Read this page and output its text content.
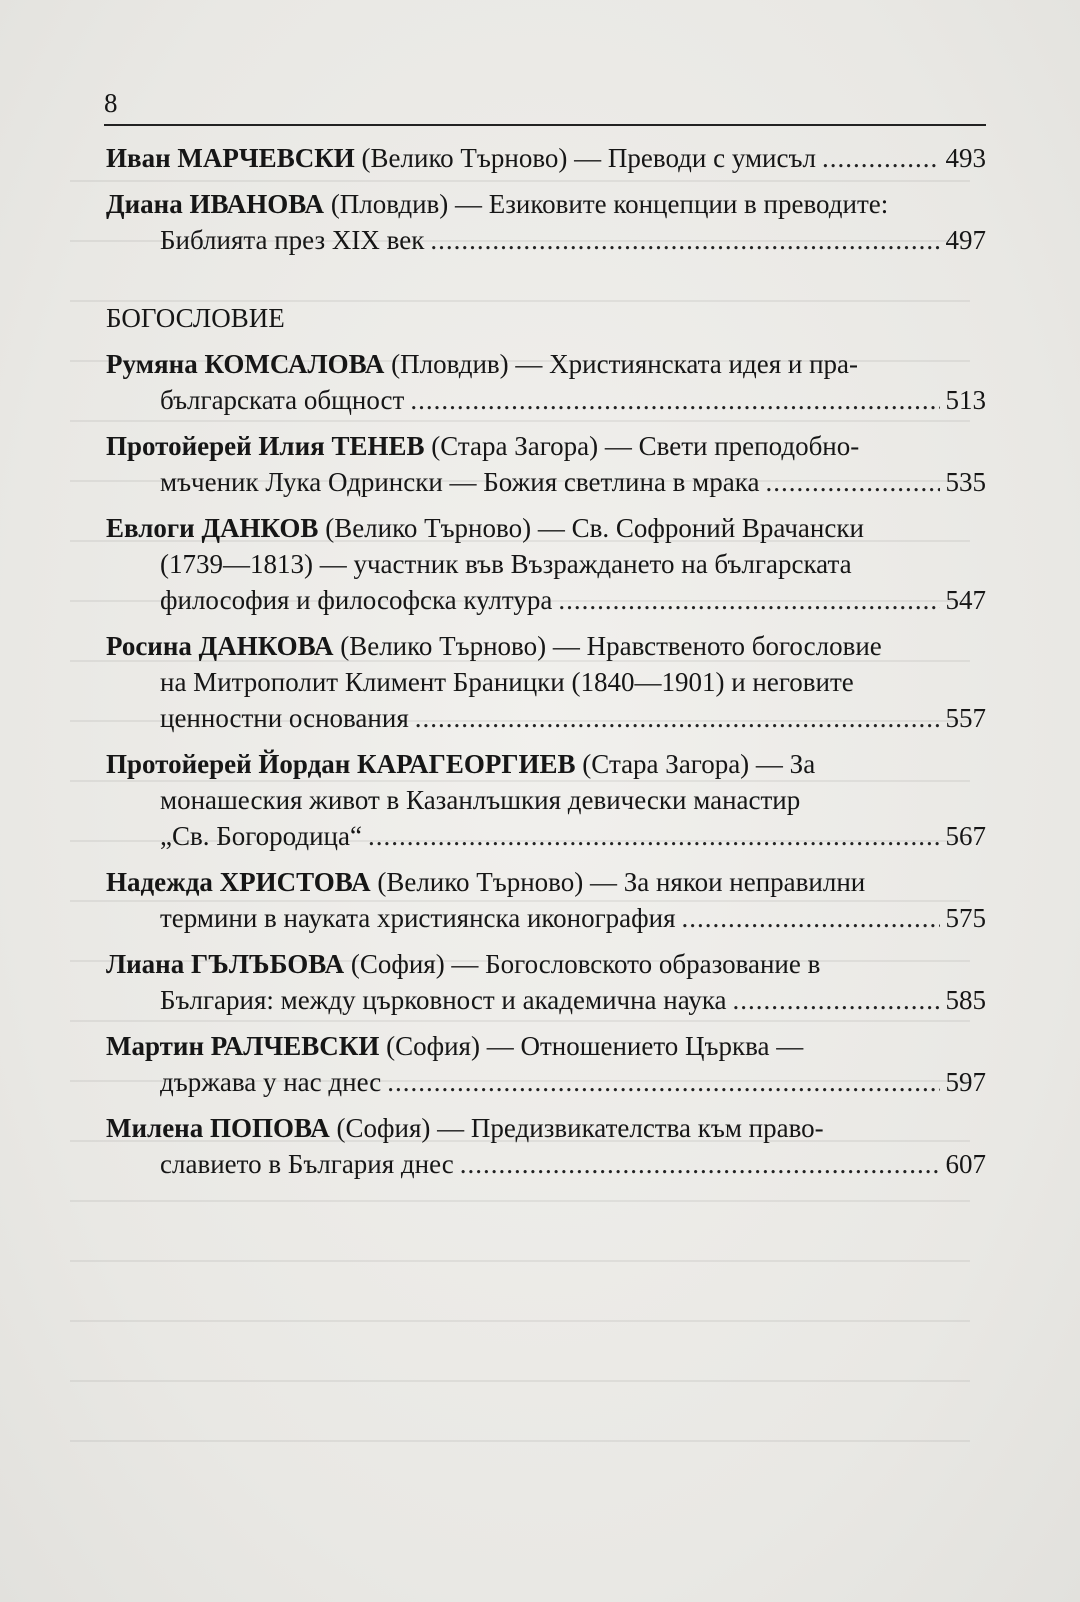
8
Иван МАРЧЕВСКИ
(Велико Търново) — Преводи с умисъл .....	493
Диана ИВАНОВА
(Пловдив) — Езиковите концепции в преводите:
Библията през XIX век .....	497
БОГОСЛОВИЕ
Румяна КОМСАЛОВА
(Пловдив) — Християнската идея и пра-
българската общност .....	513
Протойерей Илия ТЕНЕВ
(Стара Загора) — Свети преподобно-
мъченик Лука Одрински — Божия светлина в мрака .....	535
Евлоги ДАНКОВ
(Велико Търново) — Св. Софроний Врачански
(1739—1813) — участник във Възраждането на българската
философия и философска култура .....	547
Росина ДАНКОВА
(Велико Търново) — Нравственото богословие
на Митрополит Климент Браницки (1840—1901) и неговите
ценностни основания .....	557
Протойерей Йордан КАРАГЕОРГИЕВ
(Стара Загора) — За
монашеския живот в Казанлъшкия девически манастир
„Св. Богородица“ .....	567
Надежда ХРИСТОВА
(Велико Търново) — За някои неправилни
термини в науката християнска иконография .....	575
Лиана ГЪЛЪБОВА
(София) — Богословското образование в
България: между църковност и академична наука .....	585
Мартин РАЛЧЕВСКИ
(София) — Отношението Църква —
държава у нас днес .....	597
Милена ПОПОВА
(София) — Предизвикателства към право-
славието в България днес .....	607
